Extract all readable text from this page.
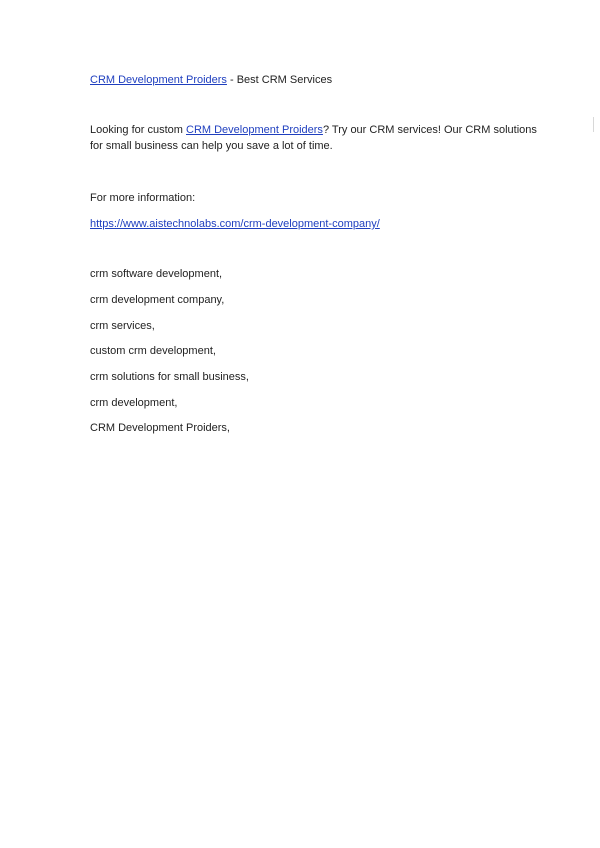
CRM Development Proiders - Best CRM Services
Looking for custom CRM Development Proiders? Try our CRM services! Our CRM solutions
for small business can help you save a lot of time.
For more information:
https://www.aistechnolabs.com/crm-development-company/
crm software development,
crm development company,
crm services,
custom crm development,
crm solutions for small business,
crm development,
CRM Development Proiders,
